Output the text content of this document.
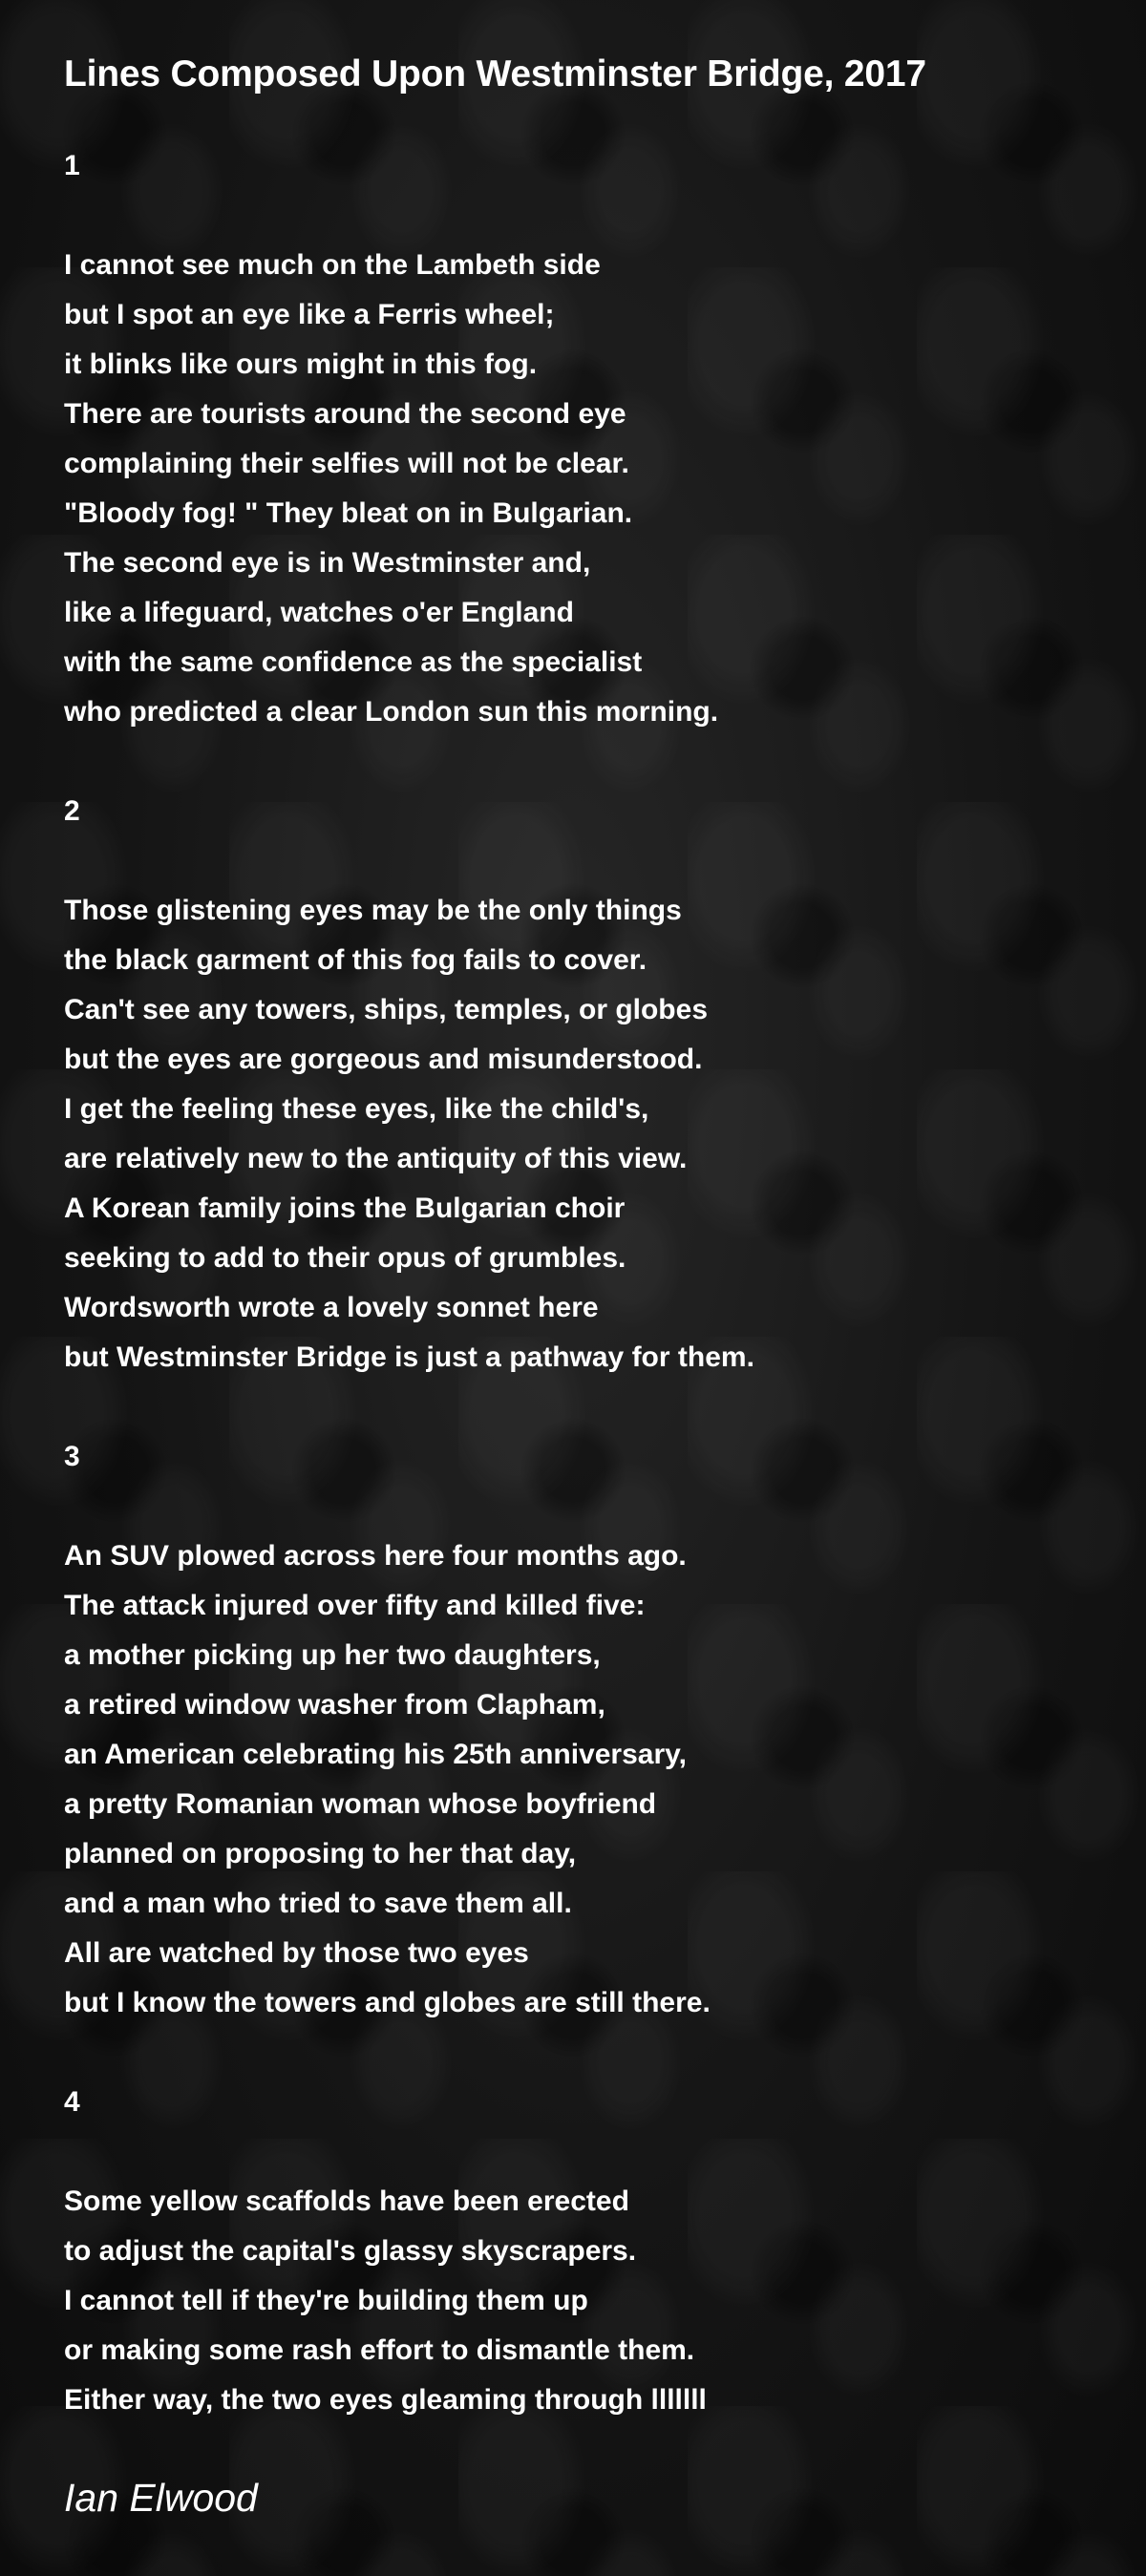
Lines Composed Upon Westminster Bridge, 2017
1
I cannot see much on the Lambeth side
but I spot an eye like a Ferris wheel;
it blinks like ours might in this fog.
There are tourists around the second eye
complaining their selfies will not be clear.
"Bloody fog! " They bleat on in Bulgarian.
The second eye is in Westminster and,
like a lifeguard, watches o'er England
with the same confidence as the specialist
who predicted a clear London sun this morning.
2
Those glistening eyes may be the only things
the black garment of this fog fails to cover.
Can't see any towers, ships, temples, or globes
but the eyes are gorgeous and misunderstood.
I get the feeling these eyes, like the child's,
are relatively new to the antiquity of this view.
A Korean family joins the Bulgarian choir
seeking to add to their opus of grumbles.
Wordsworth wrote a lovely sonnet here
but Westminster Bridge is just a pathway for them.
3
An SUV plowed across here four months ago.
The attack injured over fifty and killed five:
a mother picking up her two daughters,
a retired window washer from Clapham,
an American celebrating his 25th anniversary,
a pretty Romanian woman whose boyfriend
planned on proposing to her that day,
and a man who tried to save them all.
All are watched by those two eyes
but I know the towers and globes are still there.
4
Some yellow scaffolds have been erected
to adjust the capital's glassy skyscrapers.
I cannot tell if they're building them up
or making some rash effort to dismantle them.
Either way, the two eyes gleaming through lllllll
Ian Elwood
